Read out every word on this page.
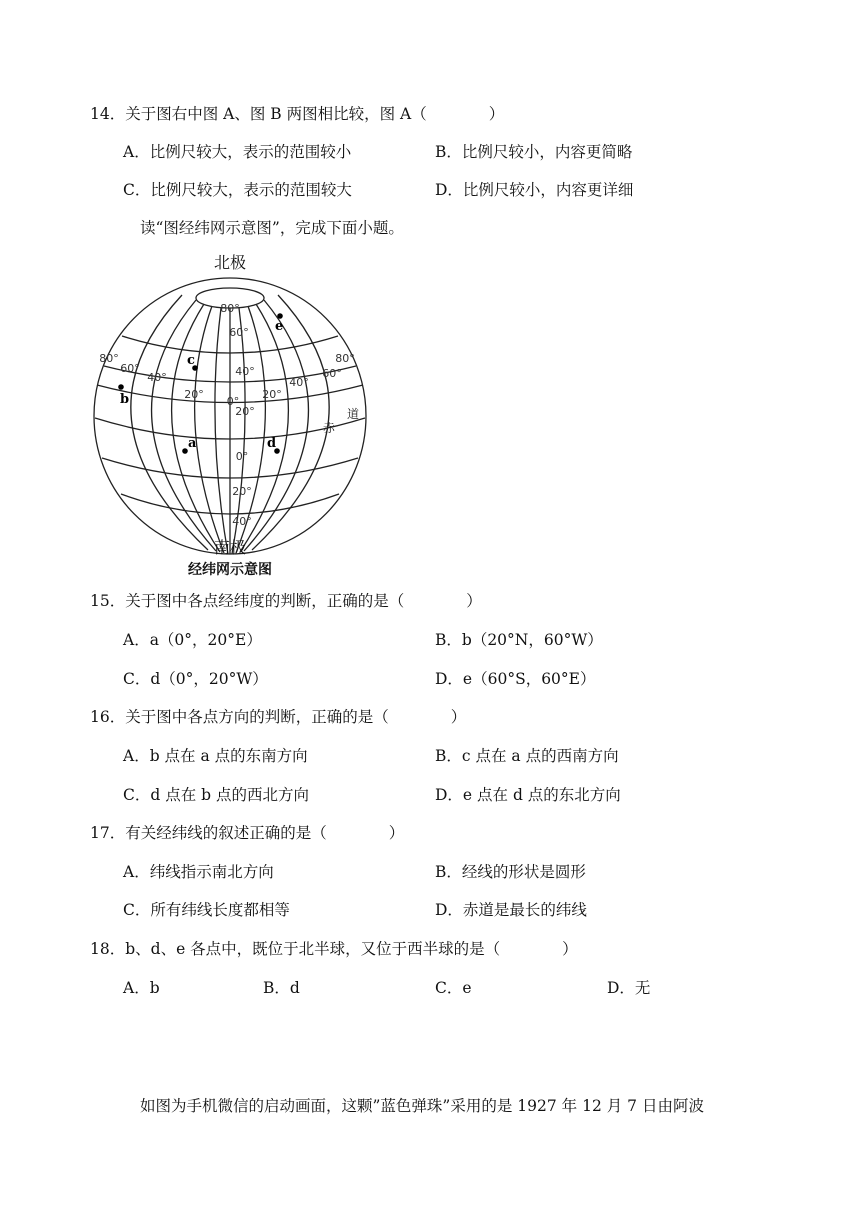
14．关于图右中图 A、图 B 两图相比较，图 A（　　　　）
A．比例尺较大，表示的范围较小	B．比例尺较小，内容更简略
C．比例尺较大，表示的范围较大	D．比例尺较小，内容更详细
读“图经纬网示意图”，完成下面小题。
a
b
c
d
e
80°
60°
40°
20°
0°
20°
40°
60°
80°
80°
60°
40°
20°
0°
20°
40°
赤
道
北极
南极
经纬网示意图
15．关于图中各点经纬度的判断，正确的是（　　　　）
A．a（0°，20°E）	B．b（20°N，60°W）
C．d（0°，20°W）	D．e（60°S，60°E）
16．关于图中各点方向的判断，正确的是（　　　　）
A．b 点在 a 点的东南方向	B．c 点在 a 点的西南方向
C．d 点在 b 点的西北方向	D．e 点在 d 点的东北方向
17．有关经纬线的叙述正确的是（　　　　）
A．纬线指示南北方向	B．经线的形状是圆形
C．所有纬线长度都相等	D．赤道是最长的纬线
18．b、d、e 各点中，既位于北半球，又位于西半球的是（　　　　）
A．b	B．d	C．e	D．无
如图为手机微信的启动画面，这颗”蓝色弹珠”采用的是 1927 年 12 月 7 日由阿波
